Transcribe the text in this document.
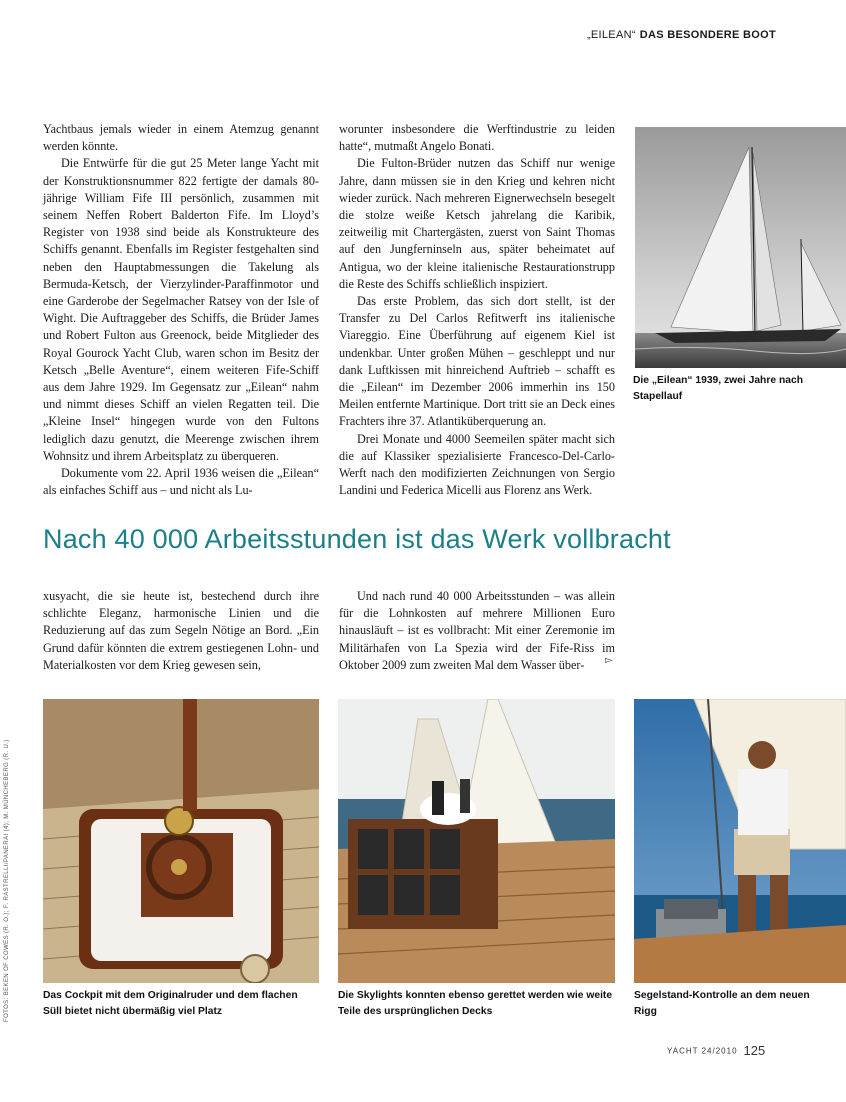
„EILEAN“ DAS BESONDERE BOOT

Yachtbaus jemals wieder in einem Atemzug genannt werden könnte.

Die Entwürfe für die gut 25 Meter lange Yacht mit der Konstruktionsnummer 822 fertigte der damals 80-jährige William Fife III persönlich, zusammen mit seinem Neffen Robert Balderton Fife. Im Lloyd’s Register von 1938 sind beide als Konstrukteure des Schiffs genannt. Ebenfalls im Register festgehalten sind neben den Hauptabmessungen die Takelung als Bermuda-Ketsch, der Vierzylinder-Paraffinmotor und eine Garderobe der Segelmacher Ratsey von der Isle of Wight. Die Auftraggeber des Schiffs, die Brüder James und Robert Fulton aus Greenock, beide Mitglieder des Royal Gourock Yacht Club, waren schon im Besitz der Ketsch „Belle Aventure“, einem weiteren Fife-Schiff aus dem Jahre 1929. Im Gegensatz zur „Eilean“ nahm und nimmt dieses Schiff an vielen Regatten teil. Die „Kleine Insel“ hingegen wurde von den Fultons lediglich dazu genutzt, die Meerenge zwischen ihrem Wohnsitz und ihrem Arbeitsplatz zu überqueren.

Dokumente vom 22. April 1936 weisen die „Eilean“ als einfaches Schiff aus – und nicht als Lu-

worunter insbesondere die Werftindustrie zu leiden hatte“, mutmaßt Angelo Bonati.

Die Fulton-Brüder nutzen das Schiff nur wenige Jahre, dann müssen sie in den Krieg und kehren nicht wieder zurück. Nach mehreren Eignerwechseln besegelt die stolze weiße Ketsch jahrelang die Karibik, zeitweilig mit Chartergästen, zuerst von Saint Thomas auf den Jungferninseln aus, später beheimatet auf Antigua, wo der kleine italienische Restaurationstrupp die Reste des Schiffs schließlich inspiziert.

Das erste Problem, das sich dort stellt, ist der Transfer zu Del Carlos Refitwerft ins italienische Viareggio. Eine Überführung auf eigenem Kiel ist undenkbar. Unter großen Mühen – geschleppt und nur dank Luftkissen mit hinreichend Auftrieb – schafft es die „Eilean“ im Dezember 2006 immerhin ins 150 Meilen entfernte Martinique. Dort tritt sie an Deck eines Frachters ihre 37. Atlantiküberquerung an.

Drei Monate und 4000 Seemeilen später macht sich die auf Klassiker spezialisierte Francesco-Del-Carlo-Werft nach den modifizierten Zeichnungen von Sergio Landini und Federica Micelli aus Florenz ans Werk.

Die „Eilean“ 1939, zwei Jahre nach Stapellauf
Nach 40 000 Arbeitsstunden ist das Werk vollbracht

xusyacht, die sie heute ist, bestechend durch ihre schlichte Eleganz, harmonische Linien und die Reduzierung auf das zum Segeln Nötige an Bord. „Ein Grund dafür könnten die extrem gestiegenen Lohn- und Materialkosten vor dem Krieg gewesen sein,

Und nach rund 40 000 Arbeitsstunden – was allein für die Lohnkosten auf mehrere Millionen Euro hinausläuft – ist es vollbracht: Mit einer Zeremonie im Militärhafen von La Spezia wird der Fife-Riss im Oktober 2009 zum zweiten Mal dem Wasser über-	▻
Das Cockpit mit dem Originalruder und dem flachen Süll bietet nicht übermäßig viel Platz
Die Skylights konnten ebenso gerettet werden wie weite Teile des ursprünglichen Decks
Segelstand-Kontrolle an dem neuen Rigg
FOTOS: BEKEN OF COWES (R. O.); F. RASTRELLI/PANERAI (4); M. MÜNCHEBERG (R. U.)
YACHT 24/2010 125
